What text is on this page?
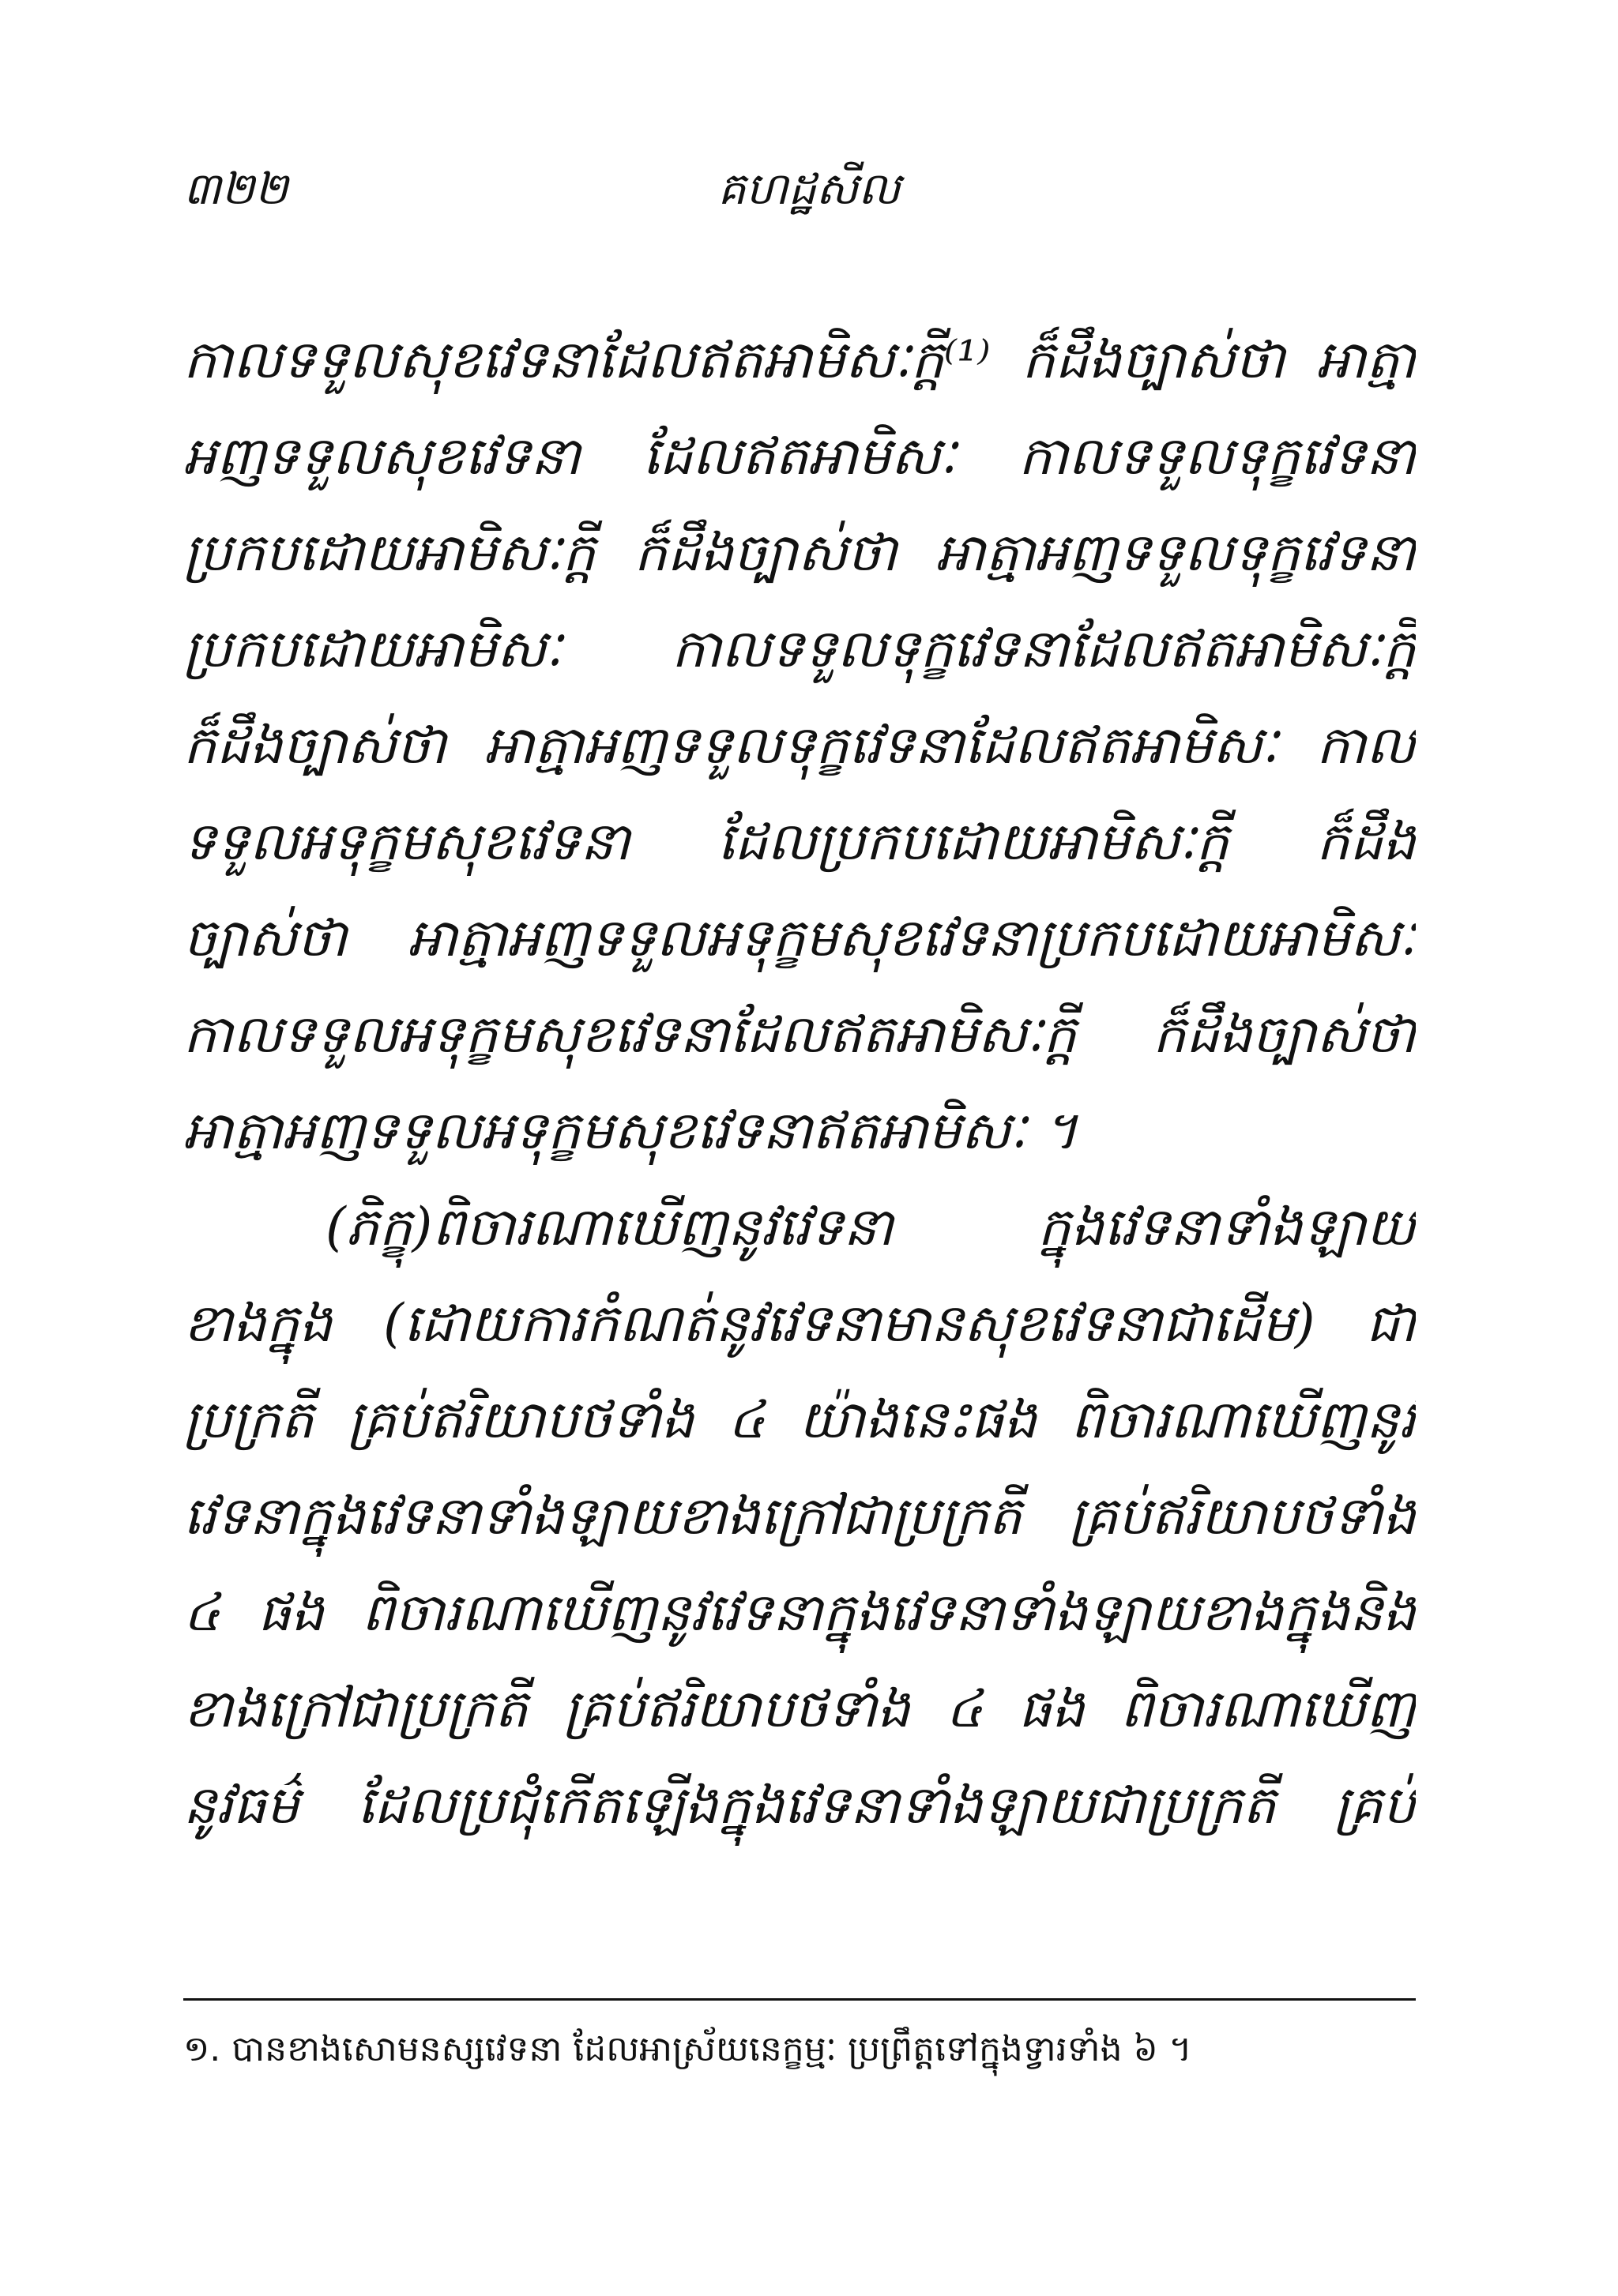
៣២២	គហដ្ឋសីល
កាលទទួលសុខវេទនាដែលឥតអាមិសៈក្តី⁽¹⁾ ក៏ដឹងច្បាស់ថា អាត្មា
អញទទួលសុខវេទនា ដែលឥតអាមិសៈ កាលទទួលទុក្ខវេទនា
ប្រកបដោយអាមិសៈក្តី ក៏ដឹងច្បាស់ថា អាត្មាអញទទួលទុក្ខវេទនា
ប្រកបដោយអាមិសៈ កាលទទួលទុក្ខវេទនាដែលឥតអាមិសៈក្តី
ក៏ដឹងច្បាស់ថា អាត្មាអញទទួលទុក្ខវេទនាដែលឥតអាមិសៈ កាល
ទទួលអទុក្ខមសុខវេទនា ដែលប្រកបដោយអាមិសៈក្តី ក៏ដឹង
ច្បាស់ថា អាត្មាអញទទួលអទុក្ខមសុខវេទនាប្រកបដោយអាមិសៈ
កាលទទួលអទុក្ខមសុខវេទនាដែលឥតអាមិសៈក្តី ក៏ដឹងច្បាស់ថា
អាត្មាអញទទួលអទុក្ខមសុខវេទនាឥតអាមិសៈ ។
(ភិក្ខុ)ពិចារណាឃើញនូវវេទនា ក្នុងវេទនាទាំងឡាយ
ខាងក្នុង (ដោយការកំណត់នូវវេទនាមានសុខវេទនាជាដើម) ជា
ប្រក្រតី គ្រប់ឥរិយាបថទាំង ៤ យ៉ាងនេះផង ពិចារណាឃើញនូវ
វេទនាក្នុងវេទនាទាំងឡាយខាងក្រៅជាប្រក្រតី គ្រប់ឥរិយាបថទាំង
៤ ផង ពិចារណាឃើញនូវវេទនាក្នុងវេទនាទាំងឡាយខាងក្នុងនិង
ខាងក្រៅជាប្រក្រតី គ្រប់ឥរិយាបថទាំង ៤ ផង ពិចារណាឃើញ
នូវធម៌ ដែលប្រជុំកើតឡើងក្នុងវេទនាទាំងឡាយជាប្រក្រតី គ្រប់
១. បានខាងសោមនស្សវេទនា ដែលអាស្រ័យនេក្ខម្មៈ ប្រព្រឹត្តទៅក្នុងទ្វារទាំង ៦ ។
